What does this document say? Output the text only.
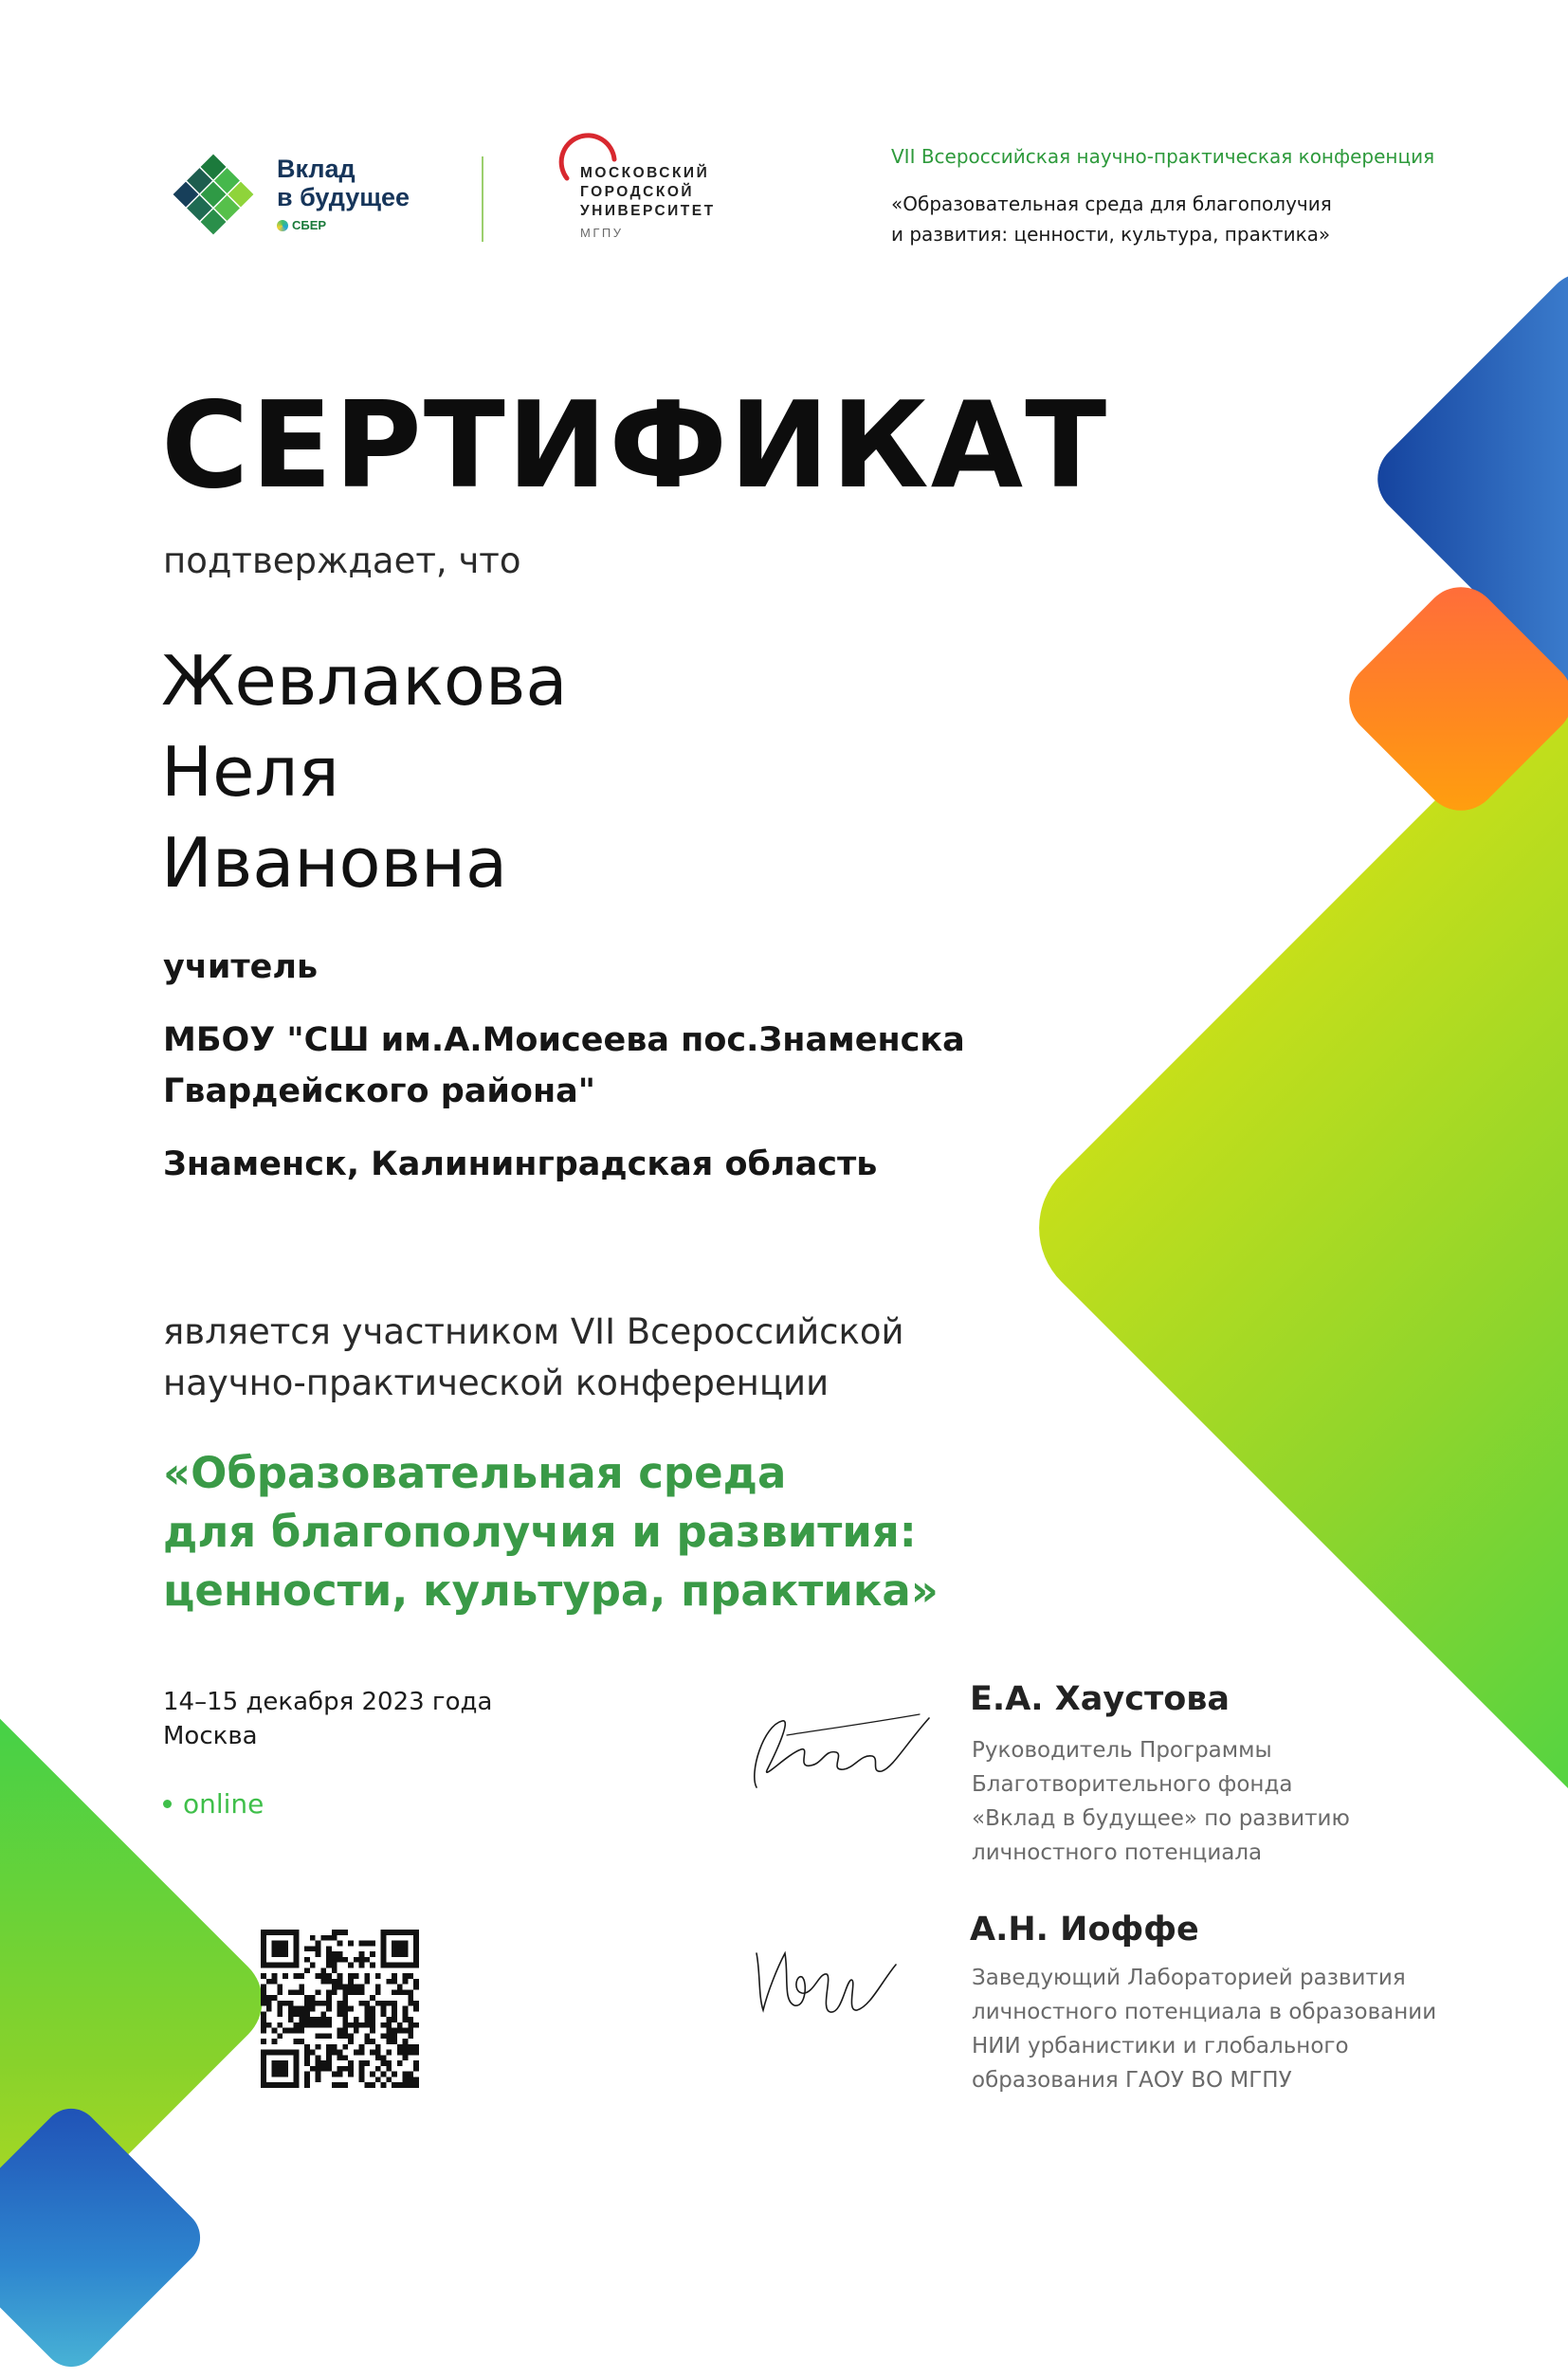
Вклад
в будущее
СБЕР
МОСКОВСКИЙ
ГОРОДСКОЙ
УНИВЕРСИТЕТ
МГПУ
VII Всероссийская научно-практическая конференция
«Образовательная среда для благополучия
и развития: ценности, культура, практика»
СЕРТИФИКАТ
подтверждает, что
Жевлакова
Неля
Ивановна
учитель
МБОУ "СШ им.А.Моисеева пос.Знаменска
Гвардейского района"
Знаменск, Калининградская область
является участником VII Всероссийской
научно-практической конференции
«Образовательная среда
для благополучия и развития:
ценности, культура, практика»
14–15 декабря 2023 года
Москва
online
Е.А. Хаустова
Руководитель Программы
Благотворительного фонда
«Вклад в будущее» по развитию
личностного потенциала
А.Н. Иоффе
Заведующий Лабораторией развития
личностного потенциала в образовании
НИИ урбанистики и глобального
образования ГАОУ ВО МГПУ
